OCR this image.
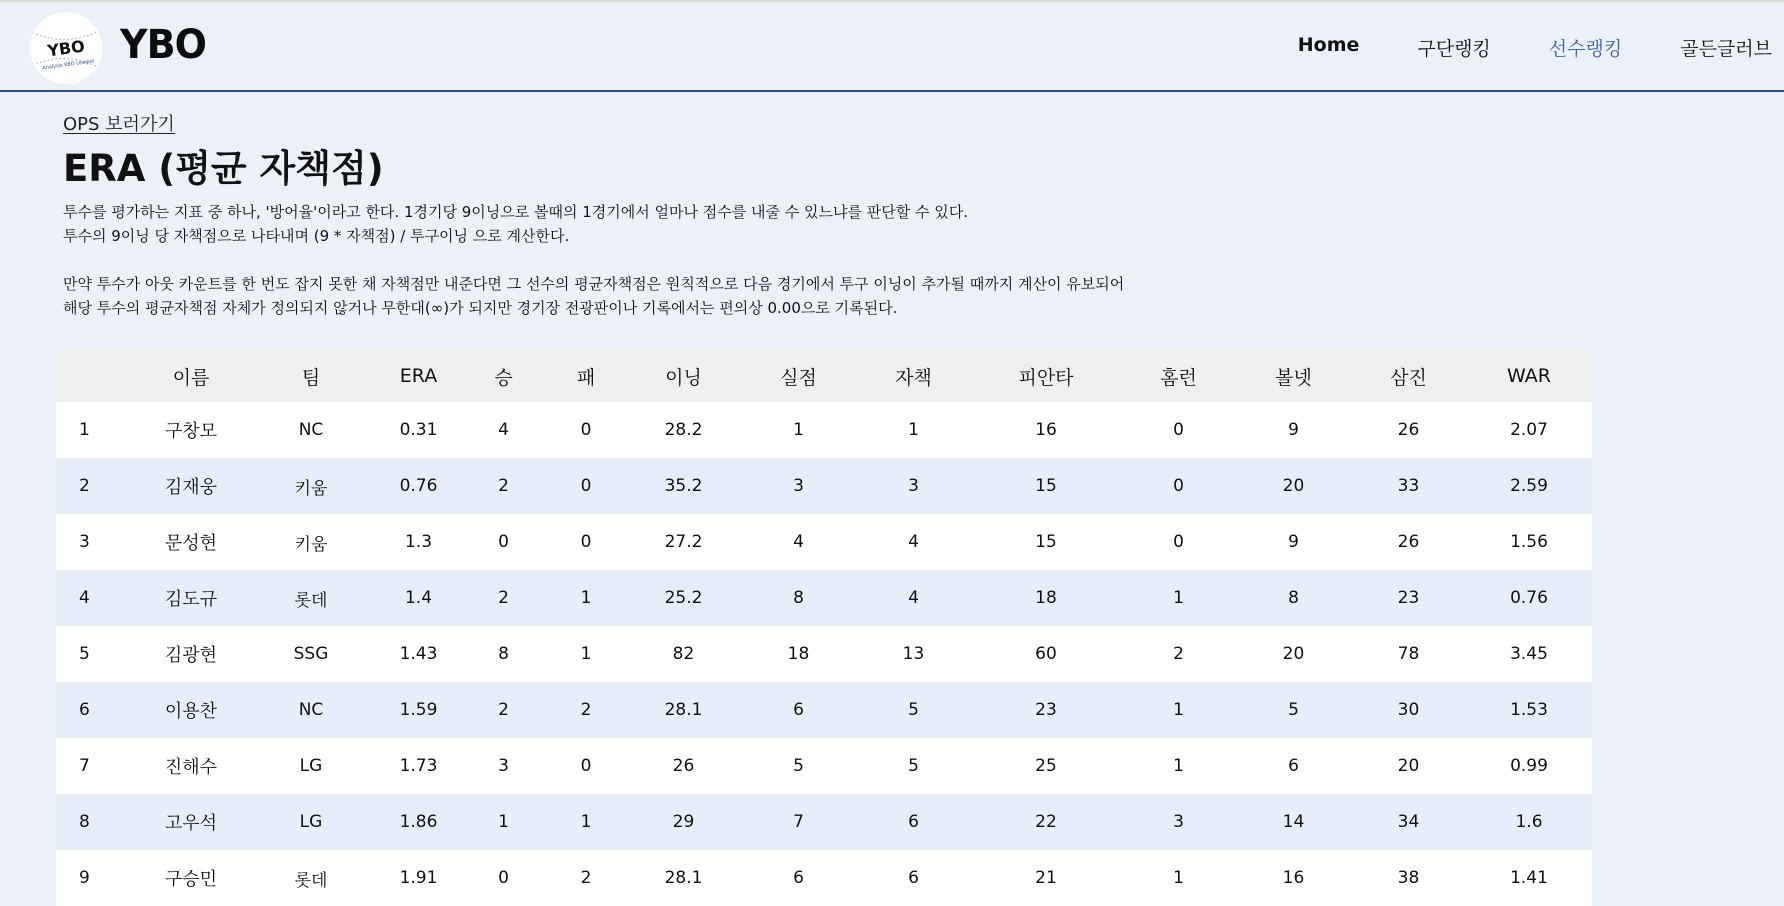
YBO
Analysis KBO League YBO	Home	구단랭킹	선수랭킹	골든글러브
OPS 보러가기
ERA (평균 자책점)

투수를 평가하는 지표 중 하나, '방어율'이라고 한다. 1경기당 9이닝으로 볼때의 1경기에서 얼마나 점수를 내줄 수 있느냐를 판단할 수 있다.

투수의 9이닝 당 자책점으로 나타내며 (9 * 자책점) / 투구이닝 으로 계산한다.

만약 투수가 아웃 카운트를 한 번도 잡지 못한 채 자책점만 내준다면 그 선수의 평균자책점은 원칙적으로 다음 경기에서 투구 이닝이 추가될 때까지 계산이 유보되어

해당 투수의 평균자책점 자체가 정의되지 않거나 무한대(∞)가 되지만 경기장 전광판이나 기록에서는 편의상 0.00으로 기록된다.

	이름	팀	ERA	승	패	이닝	실점	자책	피안타	홈런	볼넷	삼진	WAR
1	구창모	NC	0.31	4	0	28.2	1	1	16	0	9	26	2.07
2	김재웅	키움	0.76	2	0	35.2	3	3	15	0	20	33	2.59
3	문성현	키움	1.3	0	0	27.2	4	4	15	0	9	26	1.56
4	김도규	롯데	1.4	2	1	25.2	8	4	18	1	8	23	0.76
5	김광현	SSG	1.43	8	1	82	18	13	60	2	20	78	3.45
6	이용찬	NC	1.59	2	2	28.1	6	5	23	1	5	30	1.53
7	진해수	LG	1.73	3	0	26	5	5	25	1	6	20	0.99
8	고우석	LG	1.86	1	1	29	7	6	22	3	14	34	1.6
9	구승민	롯데	1.91	0	2	28.1	6	6	21	1	16	38	1.41
